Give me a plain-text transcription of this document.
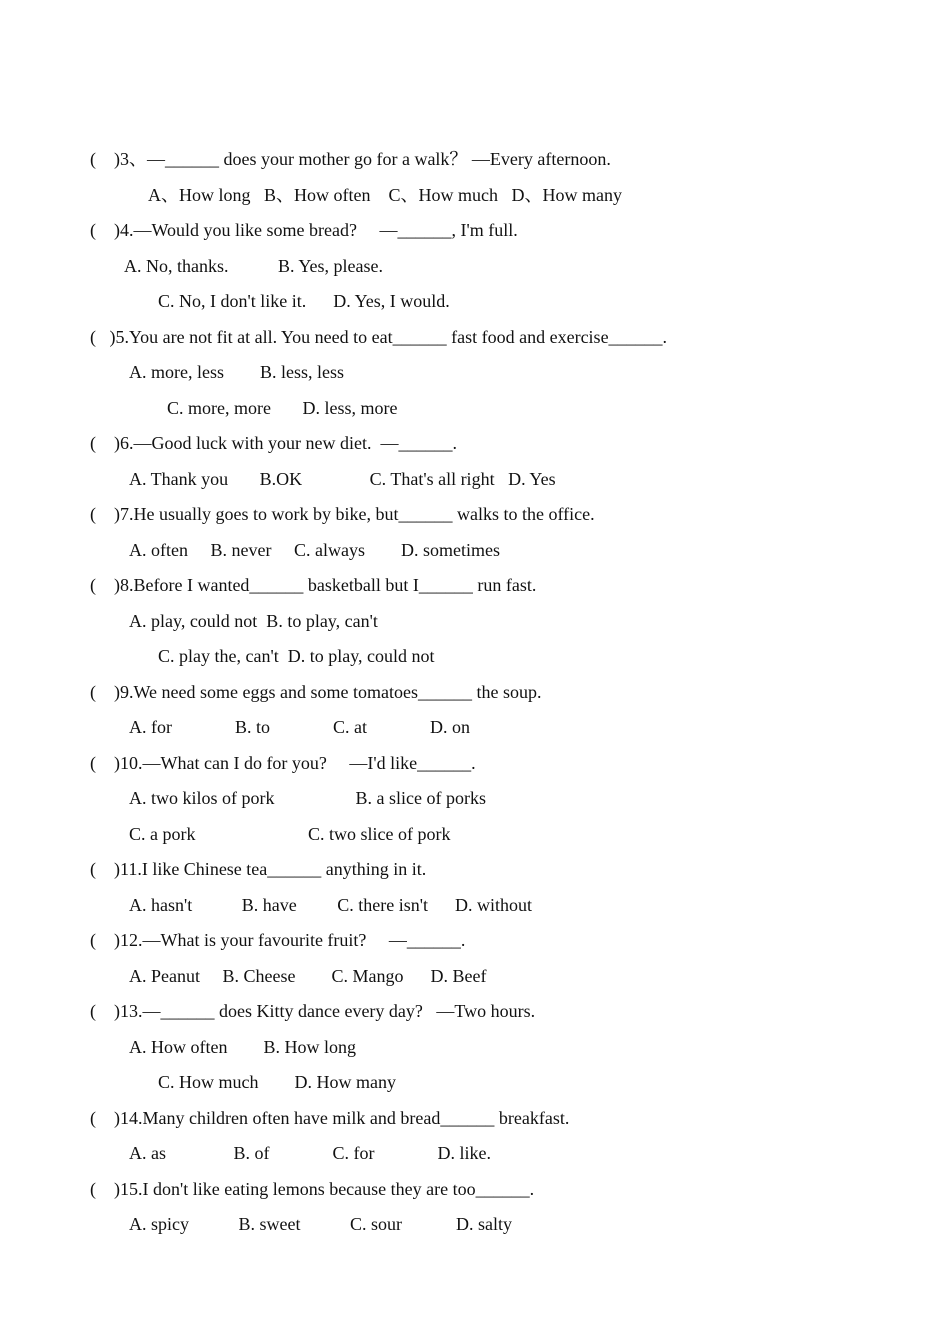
(    )3、—______ does your mother go for a walk？ —Every afternoon.
A、How long   B、How often    C、How much   D、How many
(    )4.—Would you like some bread?     —______, I'm full.
A. No, thanks.           B. Yes, please.
C. No, I don't like it.      D. Yes, I would.
(   )5.You are not fit at all. You need to eat______ fast food and exercise______.
A. more, less        B. less, less
C. more, more       D. less, more
(    )6.—Good luck with your new diet.  —______.
A. Thank you       B.OK               C. That's all right   D. Yes
(    )7.He usually goes to work by bike, but______ walks to the office.
A. often     B. never     C. always        D. sometimes
(    )8.Before I wanted______ basketball but I______ run fast.
A. play, could not  B. to play, can't
C. play the, can't  D. to play, could not
(    )9.We need some eggs and some tomatoes______ the soup.
A. for              B. to              C. at              D. on
(    )10.—What can I do for you?     —I'd like______.
A. two kilos of pork                  B. a slice of porks
C. a pork                         C. two slice of pork
(    )11.I like Chinese tea______ anything in it.
A. hasn't           B. have         C. there isn't      D. without
(    )12.—What is your favourite fruit?     —______.
A. Peanut     B. Cheese        C. Mango      D. Beef
(    )13.—______ does Kitty dance every day?   —Two hours.
A. How often        B. How long
C. How much        D. How many
(    )14.Many children often have milk and bread______ breakfast.
A. as               B. of              C. for              D. like.
(    )15.I don't like eating lemons because they are too______.
A. spicy           B. sweet           C. sour            D. salty
